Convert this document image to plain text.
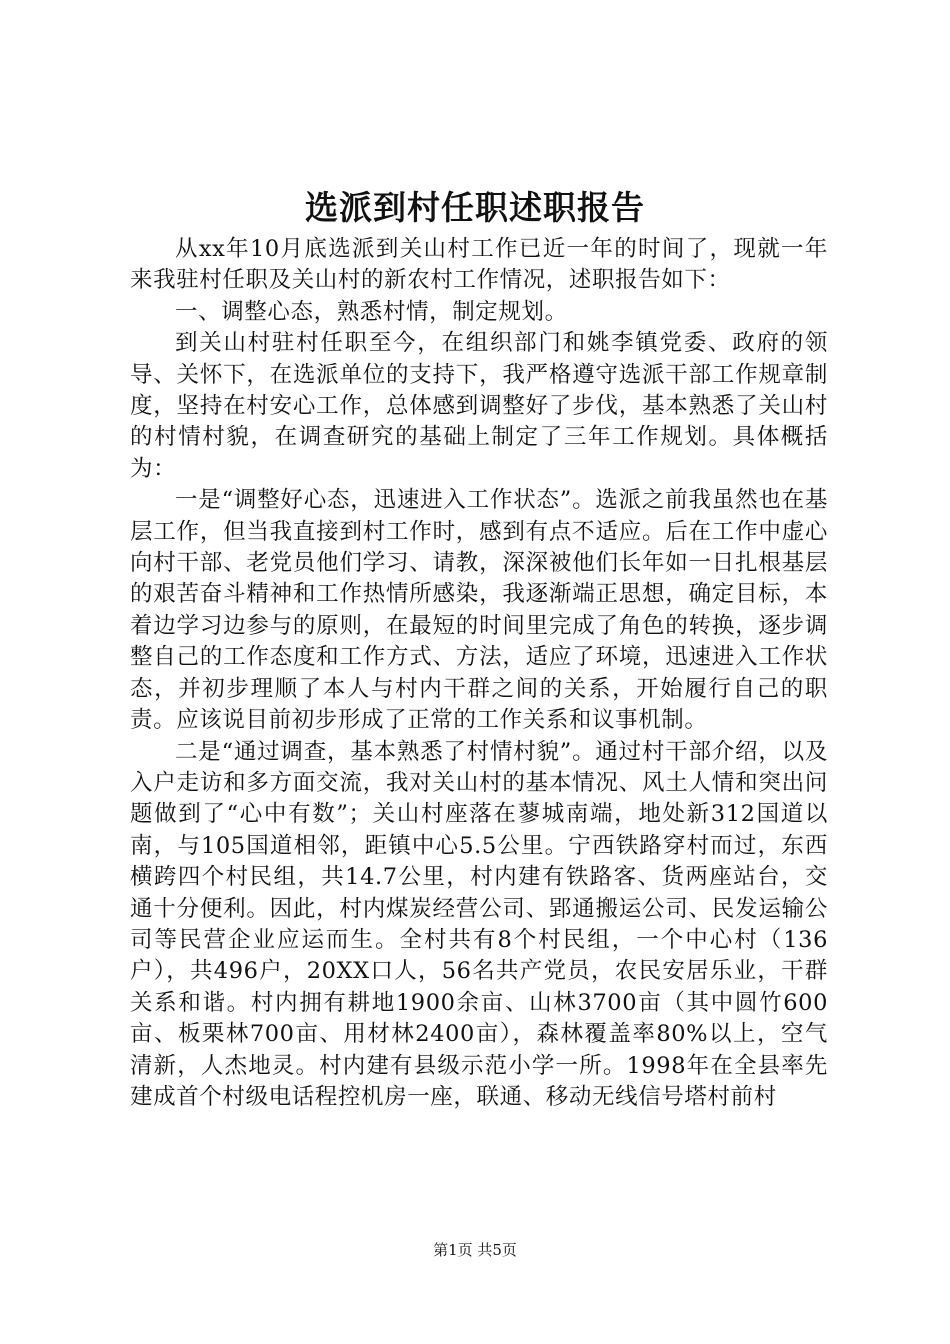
选派到村任职述职报告

从xx年10月底选派到关山村工作已近一年的时间了，现就一年来我驻村任职及关山村的新农村工作情况，述职报告如下：

一、调整心态，熟悉村情，制定规划。

到关山村驻村任职至今，在组织部门和姚李镇党委、政府的领导、关怀下，在选派单位的支持下，我严格遵守选派干部工作规章制度，坚持在村安心工作，总体感到调整好了步伐，基本熟悉了关山村的村情村貌，在调查研究的基础上制定了三年工作规划。具体概括为：

一是“调整好心态，迅速进入工作状态”。选派之前我虽然也在基层工作，但当我直接到村工作时，感到有点不适应。后在工作中虚心向村干部、老党员他们学习、请教，深深被他们长年如一日扎根基层的艰苦奋斗精神和工作热情所感染，我逐渐端正思想，确定目标，本着边学习边参与的原则，在最短的时间里完成了角色的转换，逐步调整自己的工作态度和工作方式、方法，适应了环境，迅速进入工作状态，并初步理顺了本人与村内干群之间的关系，开始履行自己的职责。应该说目前初步形成了正常的工作关系和议事机制。

二是“通过调查，基本熟悉了村情村貌”。通过村干部介绍，以及入户走访和多方面交流，我对关山村的基本情况、风土人情和突出问题做到了“心中有数”；关山村座落在蓼城南端，地处新312国道以南，与105国道相邻，距镇中心5.5公里。宁西铁路穿村而过，东西横跨四个村民组，共14.7公里，村内建有铁路客、货两座站台，交通十分便利。因此，村内煤炭经营公司、郢通搬运公司、民发运输公司等民营企业应运而生。全村共有8个村民组，一个中心村（136户），共496户，20XX口人，56名共产党员，农民安居乐业，干群关系和谐。村内拥有耕地1900余亩、山林3700亩（其中圆竹600亩、板栗林700亩、用材林2400亩），森林覆盖率80%以上，空气清新，人杰地灵。村内建有县级示范小学一所。1998年在全县率先建成首个村级电话程控机房一座，联通、移动无线信号塔村前村

第1页 共5页
